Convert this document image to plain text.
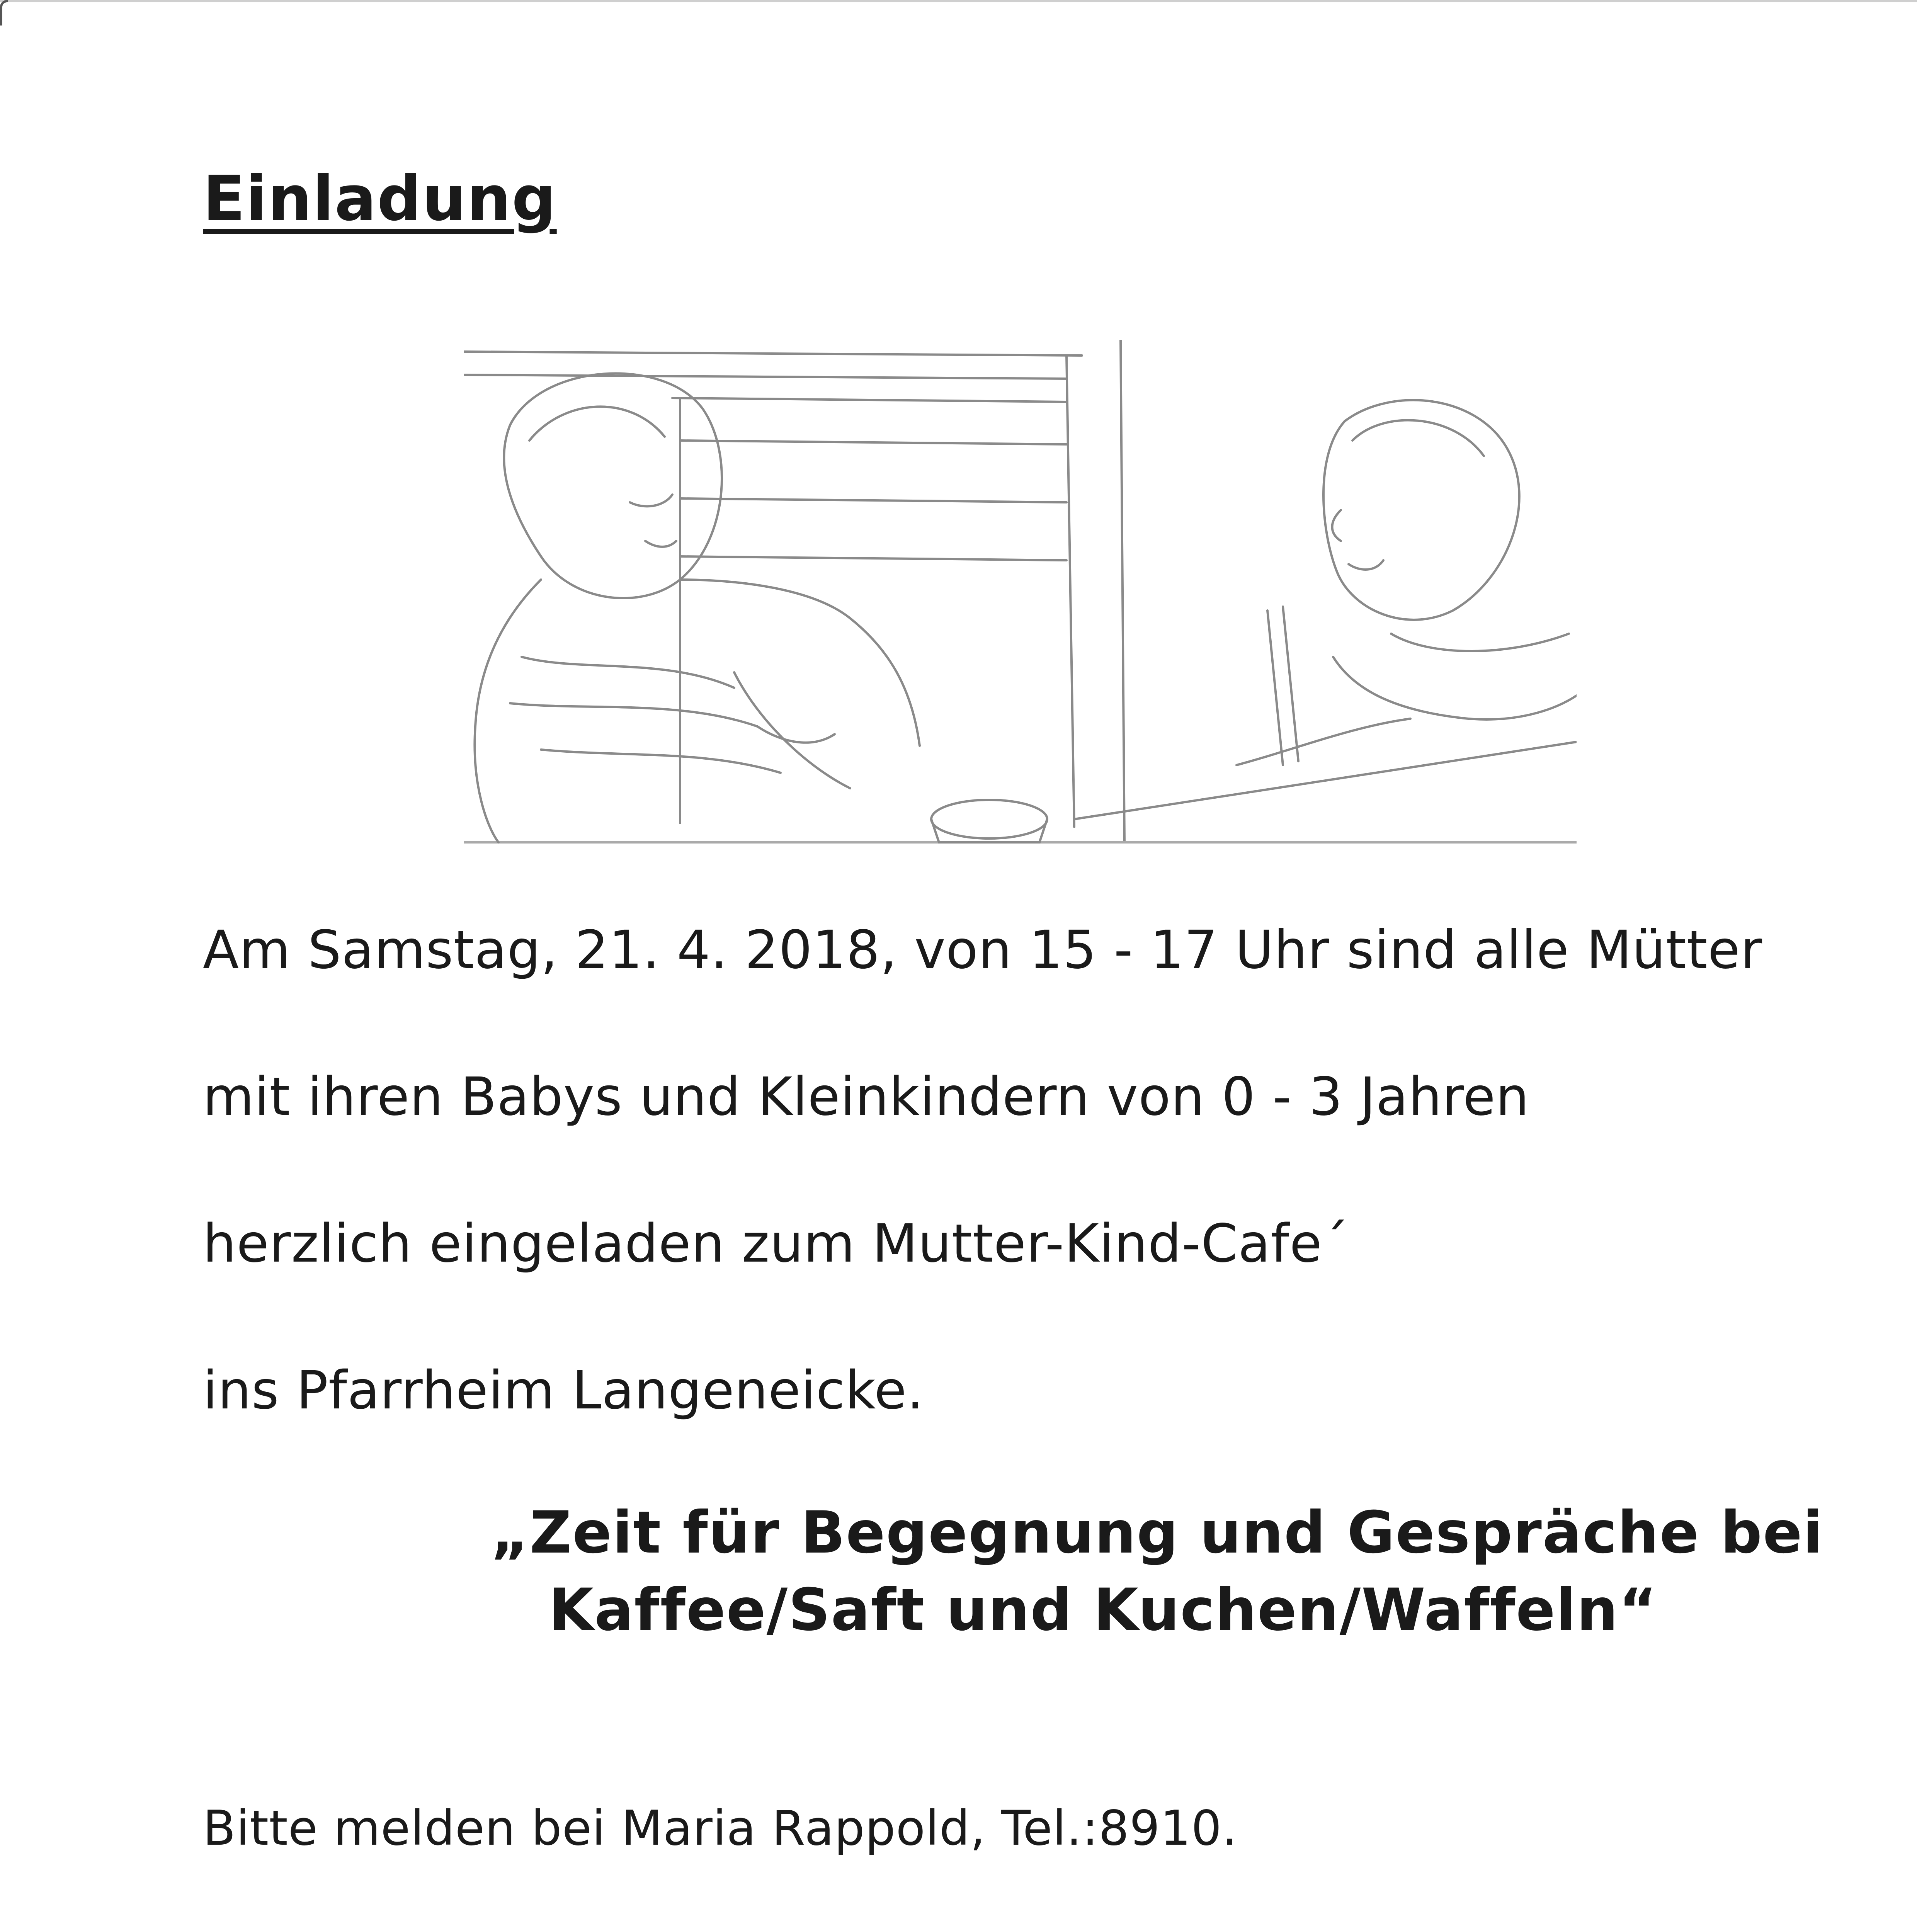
Einladung
Am Samstag, 21. 4. 2018, von 15 - 17 Uhr sind alle Mütter
mit ihren Babys und Kleinkindern von 0 - 3 Jahren
herzlich eingeladen zum Mutter-Kind-Cafe´
ins Pfarrheim Langeneicke.
„Zeit für Begegnung und Gespräche bei
Kaffee/Saft und Kuchen/Waffeln“
Bitte melden bei Maria Rappold, Tel.:8910.
